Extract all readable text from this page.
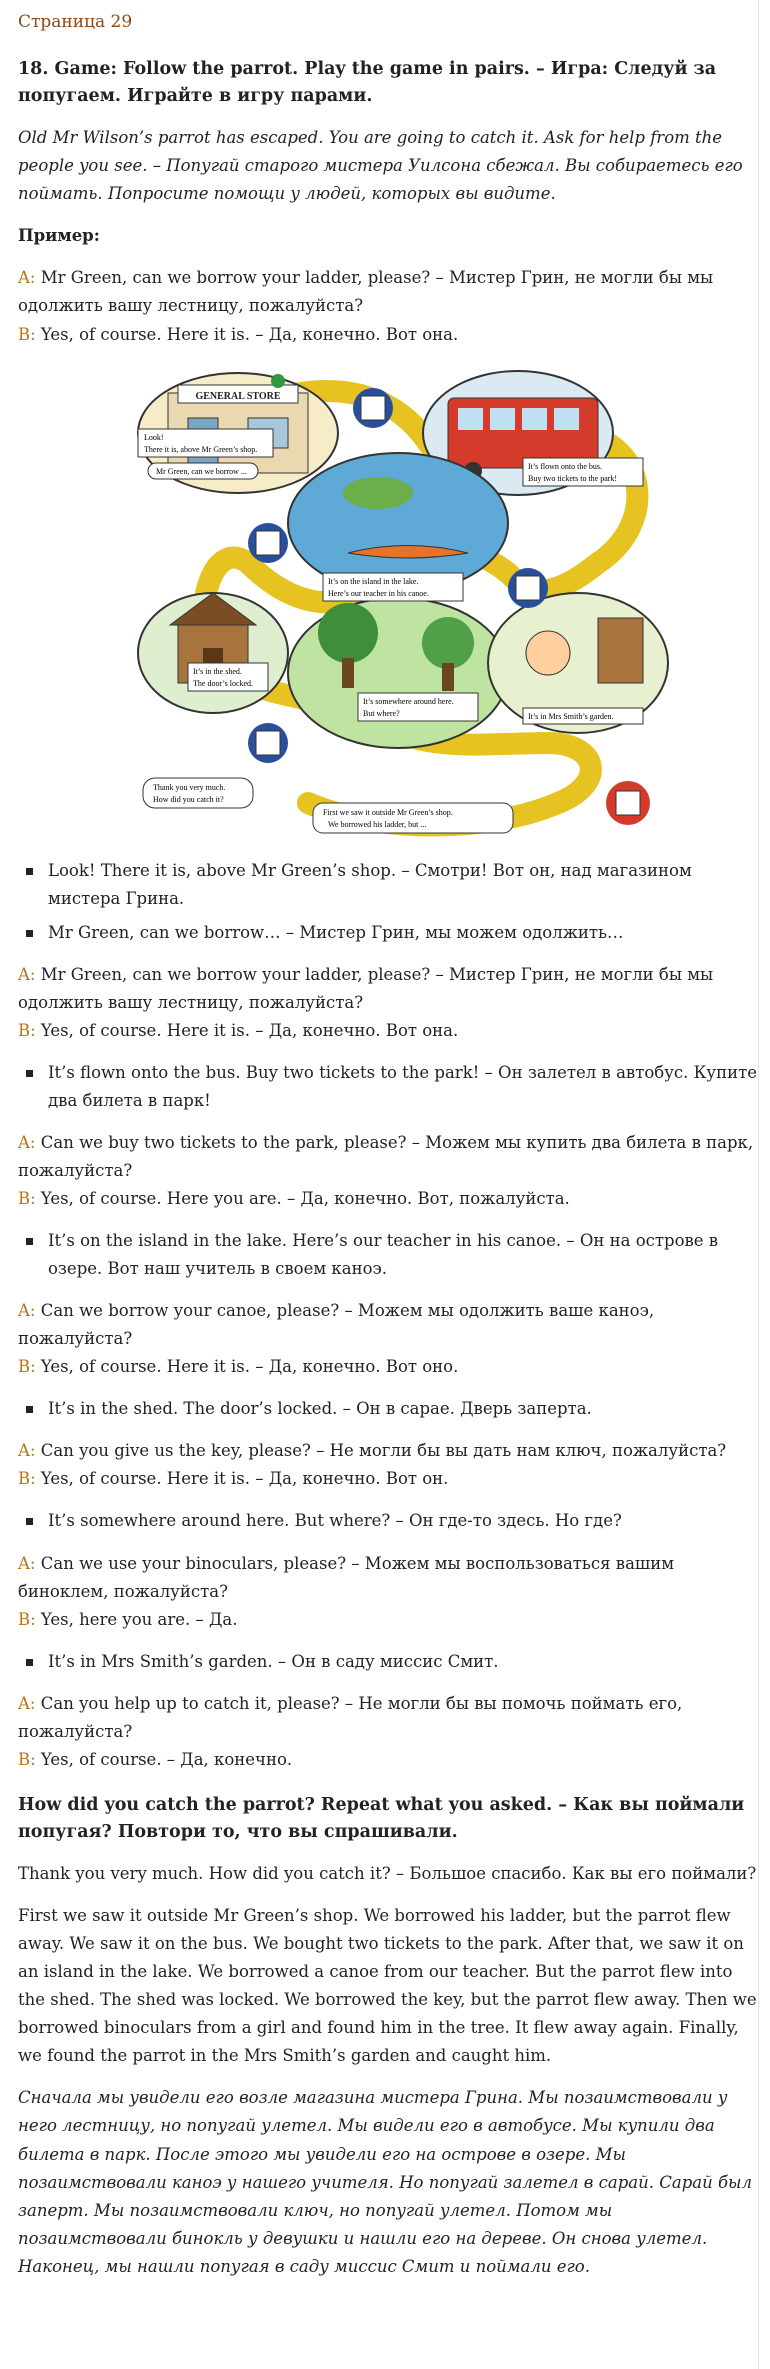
Страница 29
18. Game: Follow the parrot. Play the game in pairs. – Игра: Следуй за попугаем. Играйте в игру парами.

Old Mr Wilson’s parrot has escaped. You are going to catch it. Ask for help from the people you see. – Попугай старого мистера Уилсона сбежал. Вы собираетесь его поймать. Попросите помощи у людей, которых вы видите.

Пример:

A: Mr Green, can we borrow your ladder, please? – Мистер Грин, не могли бы мы одолжить вашу лестницу, пожалуйста?

B: Yes, of course. Here it is. – Да, конечно. Вот она.

GENERAL STORE
Look!
There it is, above Mr Green’s shop.
Mr Green, can we borrow ...
It’s flown onto the bus.
Buy two tickets to the park!
It’s on the island in the lake.
Here’s our teacher in his canoe.
It’s in the shed.
The door’s locked.
It’s somewhere around here.
But where?	It’s in Mrs Smith’s garden.
Thank you very much.
How did you catch it?
First we saw it outside Mr Green’s shop.
We borrowed his ladder, but ...
Look! There it is, above Mr Green’s shop. – Смотри! Вот он, над магазином мистера Грина.
Mr Green, can we borrow… – Мистер Грин, мы можем одолжить…

A: Mr Green, can we borrow your ladder, please? – Мистер Грин, не могли бы мы одолжить вашу лестницу, пожалуйста?

B: Yes, of course. Here it is. – Да, конечно. Вот она.

It’s flown onto the bus. Buy two tickets to the park! – Он залетел в автобус. Купите два билета в парк!

A: Can we buy two tickets to the park, please? – Можем мы купить два билета в парк, пожалуйста?

B: Yes, of course. Here you are. – Да, конечно. Вот, пожалуйста.

It’s on the island in the lake. Here’s our teacher in his canoe. – Он на острове в озере. Вот наш учитель в своем каноэ.

A: Can we borrow your canoe, please? – Можем мы одолжить ваше каноэ, пожалуйста?

B: Yes, of course. Here it is. – Да, конечно. Вот оно.

It’s in the shed. The door’s locked. – Он в сарае. Дверь заперта.

A: Can you give us the key, please? – Не могли бы вы дать нам ключ, пожалуйста?

B: Yes, of course. Here it is. – Да, конечно. Вот он.

It’s somewhere around here. But where? – Он где-то здесь. Но где?

A: Can we use your binoculars, please? – Можем мы воспользоваться вашим биноклем, пожалуйста?

B: Yes, here you are. – Да.

It’s in Mrs Smith’s garden. – Он в саду миссис Смит.

A: Can you help up to catch it, please? – Не могли бы вы помочь поймать его, пожалуйста?

B: Yes, of course. – Да, конечно.

How did you catch the parrot? Repeat what you asked. – Как вы поймали попугая? Повтори то, что вы спрашивали.

Thank you very much. How did you catch it? – Большое спасибо. Как вы его поймали?

First we saw it outside Mr Green’s shop. We borrowed his ladder, but the parrot flew away. We saw it on the bus. We bought two tickets to the park. After that, we saw it on an island in the lake. We borrowed a canoe from our teacher. But the parrot flew into the shed. The shed was locked. We borrowed the key, but the parrot flew away. Then we borrowed binoculars from a girl and found him in the tree. It flew away again. Finally, we found the parrot in the Mrs Smith’s garden and caught him.

Сначала мы увидели его возле магазина мистера Грина. Мы позаимствовали у него лестницу, но попугай улетел. Мы видели его в автобусе. Мы купили два билета в парк. После этого мы увидели его на острове в озере. Мы позаимствовали каноэ у нашего учителя. Но попугай залетел в сарай. Сарай был заперт. Мы позаимствовали ключ, но попугай улетел. Потом мы позаимствовали бинокль у девушки и нашли его на дереве. Он снова улетел. Наконец, мы нашли попугая в саду миссис Смит и поймали его.
